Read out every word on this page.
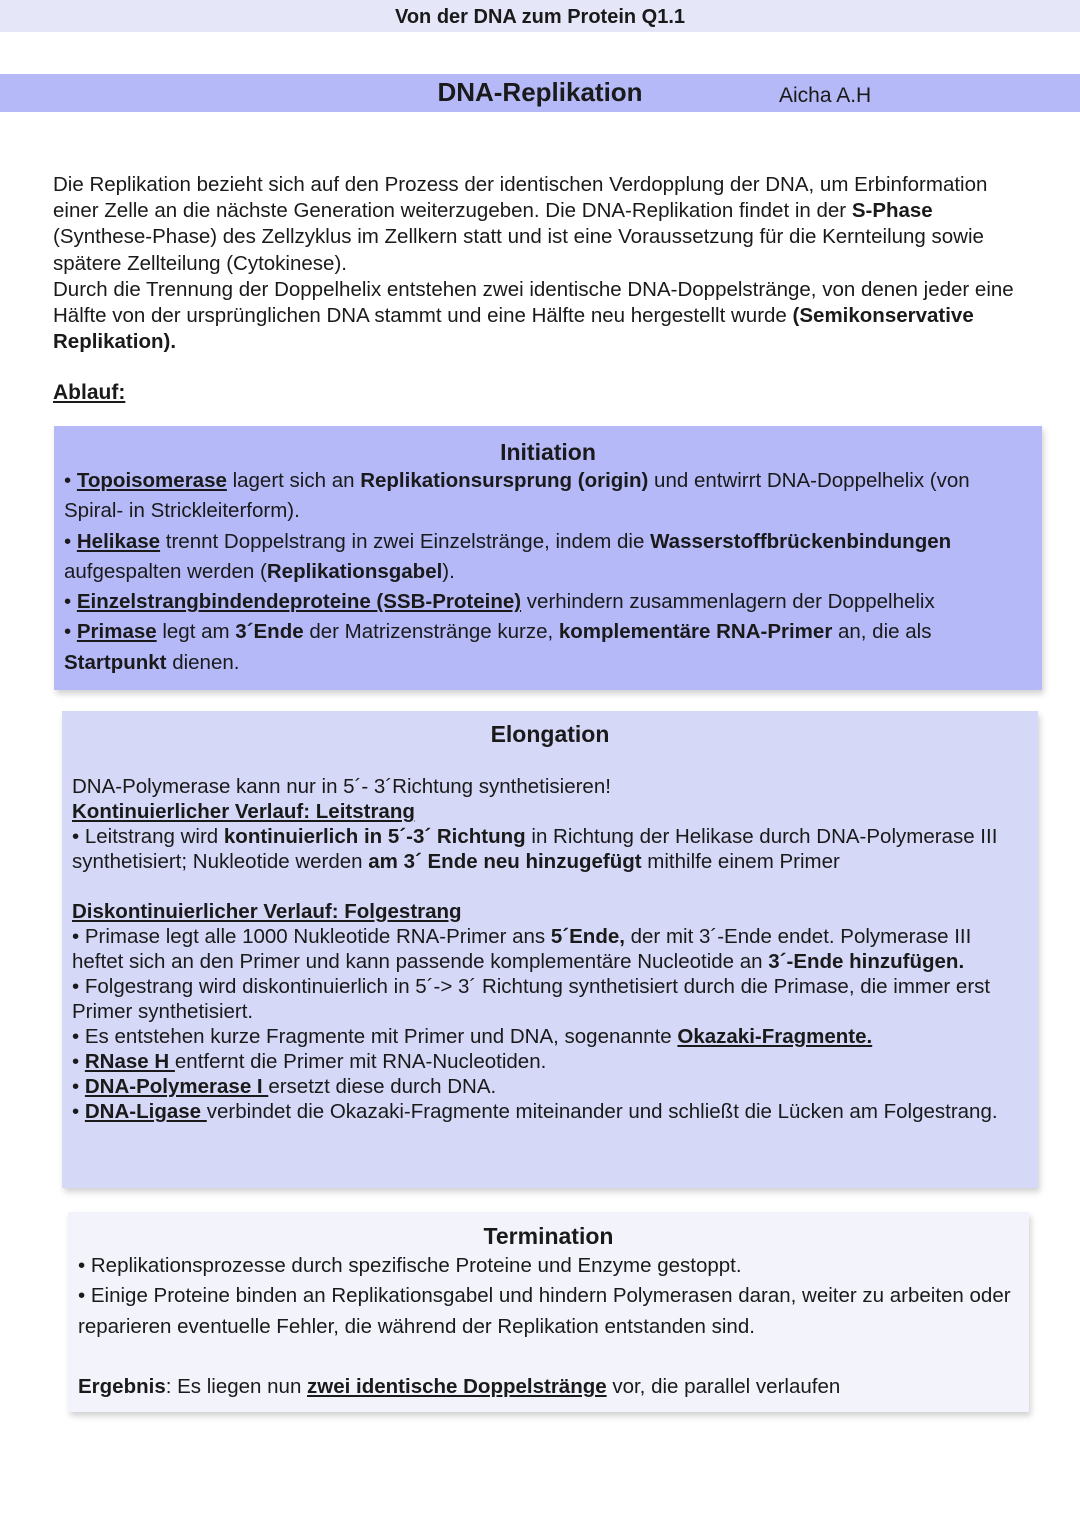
Von der DNA zum Protein Q1.1
DNA-Replikation	Aicha A.H

Die Replikation bezieht sich auf den Prozess der identischen Verdopplung der DNA, um Erbinformation einer Zelle an die nächste Generation weiterzugeben. Die DNA-Replikation findet in der S-Phase (Synthese-Phase) des Zellzyklus im Zellkern statt und ist eine Voraussetzung für die Kernteilung sowie spätere Zellteilung (Cytokinese).

Durch die Trennung der Doppelhelix entstehen zwei identische DNA-Doppelstränge, von denen jeder eine Hälfte von der ursprünglichen DNA stammt und eine Hälfte neu hergestellt wurde (Semikonservative Replikation).

Ablauf:
Initiation

• Topoisomerase lagert sich an Replikationsursprung (origin) und entwirrt DNA-Doppelhelix (von Spiral- in Strickleiterform).

• Helikase trennt Doppelstrang in zwei Einzelstränge, indem die Wasserstoffbrückenbindungen aufgespalten werden (Replikationsgabel).

• Einzelstrangbindendeproteine (SSB-Proteine) verhindern zusammenlagern der Doppelhelix

• Primase legt am 3´Ende der Matrizenstränge kurze, komplementäre RNA-Primer an, die als Startpunkt dienen.

Elongation

DNA-Polymerase kann nur in 5´- 3´Richtung synthetisieren!

Kontinuierlicher Verlauf: Leitstrang

• Leitstrang wird kontinuierlich in 5´-3´ Richtung in Richtung der Helikase durch DNA-Polymerase III synthetisiert; Nukleotide werden am 3´ Ende neu hinzugefügt mithilfe einem Primer

Diskontinuierlicher Verlauf: Folgestrang

• Primase legt alle 1000 Nukleotide RNA-Primer ans 5´Ende, der mit 3´-Ende endet. Polymerase III heftet sich an den Primer und kann passende komplementäre Nucleotide an 3´-Ende hinzufügen.

• Folgestrang wird diskontinuierlich in 5´-> 3´ Richtung synthetisiert durch die Primase, die immer erst Primer synthetisiert.

• Es entstehen kurze Fragmente mit Primer und DNA, sogenannte Okazaki-Fragmente.

• RNase H entfernt die Primer mit RNA-Nucleotiden.

• DNA-Polymerase I ersetzt diese durch DNA.

• DNA-Ligase verbindet die Okazaki-Fragmente miteinander und schließt die Lücken am Folgestrang.

Termination

• Replikationsprozesse durch spezifische Proteine und Enzyme gestoppt.

• Einige Proteine binden an Replikationsgabel und hindern Polymerasen daran, weiter zu arbeiten oder reparieren eventuelle Fehler, die während der Replikation entstanden sind.

Ergebnis: Es liegen nun zwei identische Doppelstränge vor, die parallel verlaufen
